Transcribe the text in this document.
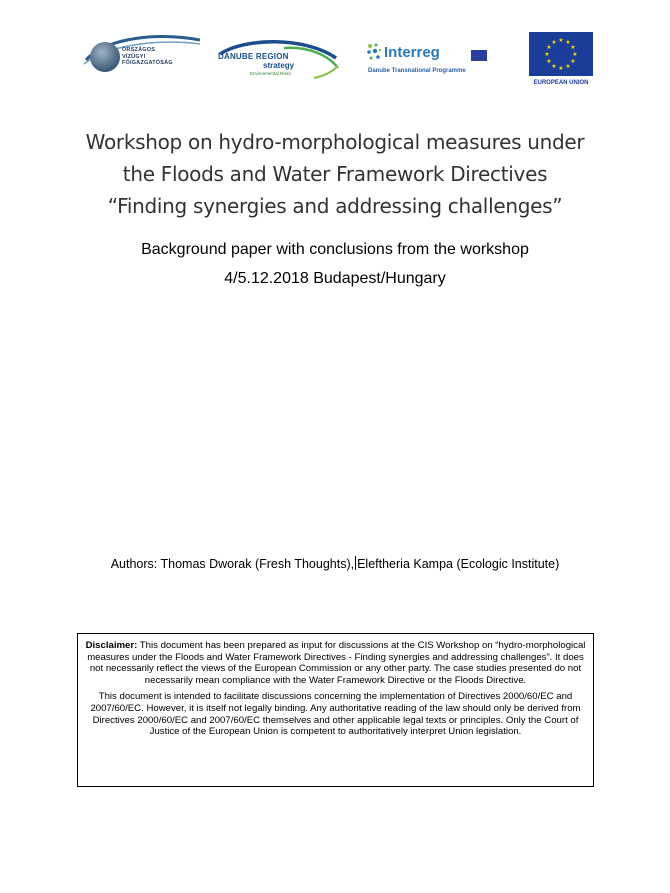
ORSZÁGOS
VÍZÜGYI
FŐIGAZGATÓSÁG
DANUBE REGION
strategy
Environmental Risks
Interreg
Danube Transnational Programme
★ ★
★
★
★
★
★
★
★
★
★
★
EUROPEAN UNION
Workshop on hydro-morphological measures under
the Floods and Water Framework Directives
“Finding synergies and addressing challenges”
Background paper with conclusions from the workshop
4/5.12.2018 Budapest/Hungary
Authors: Thomas Dworak (Fresh Thoughts), Eleftheria Kampa (Ecologic Institute)

Disclaimer: This document has been prepared as input for discussions at the CIS Workshop on “hydro-morphological measures under the Floods and Water Framework Directives - Finding synergies and addressing challenges”. It does not necessarily reflect the views of the European Commission or any other party. The case studies presented do not necessarily mean compliance with the Water Framework Directive or the Floods Directive.

This document is intended to facilitate discussions concerning the implementation of Directives 2000/60/EC and 2007/60/EC. However, it is itself not legally binding. Any authoritative reading of the law should only be derived from Directives 2000/60/EC and 2007/60/EC themselves and other applicable legal texts or principles. Only the Court of Justice of the European Union is competent to authoritatively interpret Union legislation.
